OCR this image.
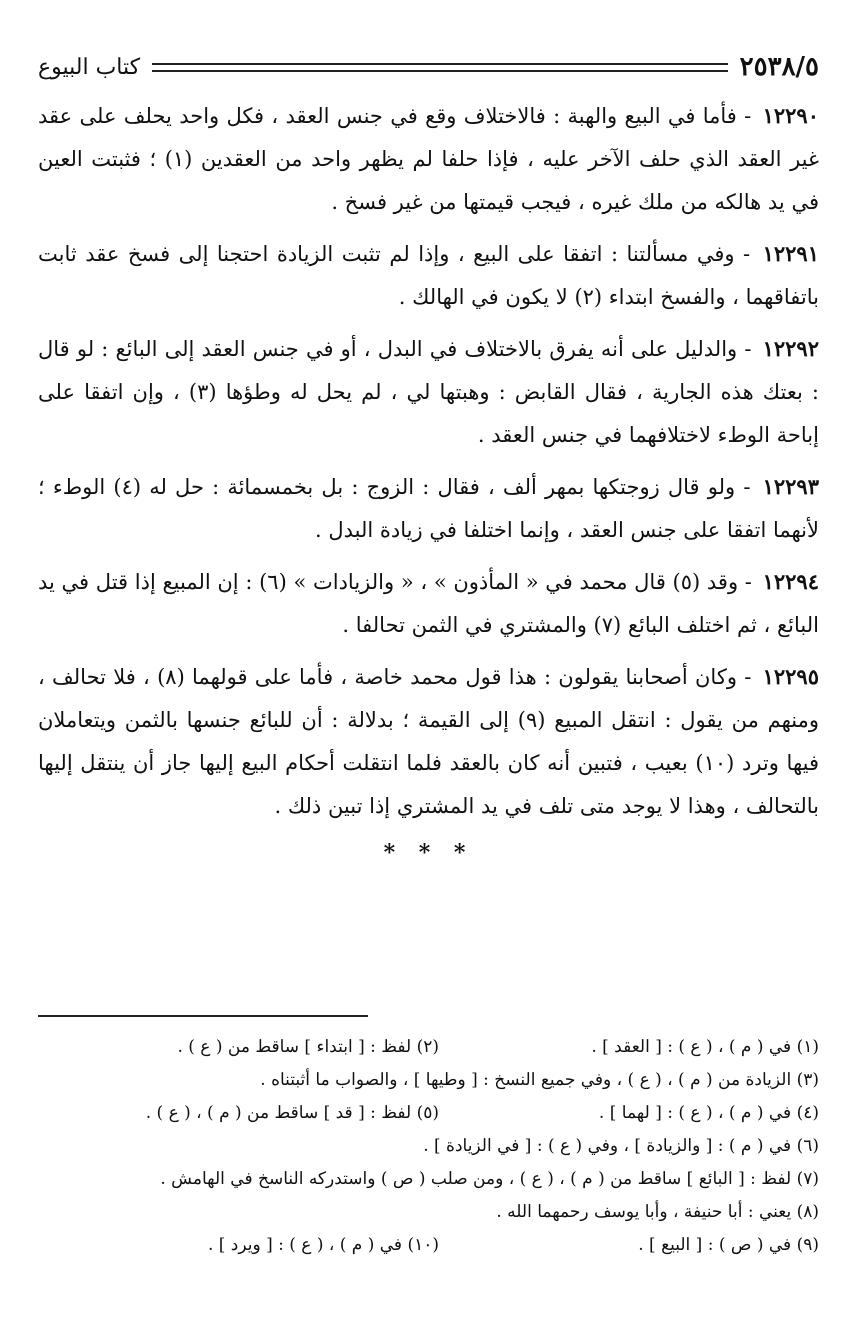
٢٥٣٨/٥
كتاب البيوع

١٢٢٩٠ - فأما في البيع والهبة : فالاختلاف وقع في جنس العقد ، فكل واحد يحلف على عقد غير العقد الذي حلف الآخر عليه ، فإذا حلفا لم يظهر واحد من العقدين (١) ؛ فثبتت العين في يد هالكه من ملك غيره ، فيجب قيمتها من غير فسخ .

١٢٢٩١ - وفي مسألتنا : اتفقا على البيع ، وإذا لم تثبت الزيادة احتجنا إلى فسخ عقد ثابت باتفاقهما ، والفسخ ابتداء (٢) لا يكون في الهالك .

١٢٢٩٢ - والدليل على أنه يفرق بالاختلاف في البدل ، أو في جنس العقد إلى البائع : لو قال : بعتك هذه الجارية ، فقال القابض : وهبتها لي ، لم يحل له وطؤها (٣) ، وإن اتفقا على إباحة الوطء لاختلافهما في جنس العقد .

١٢٢٩٣ - ولو قال زوجتكها بمهر ألف ، فقال : الزوج : بل بخمسمائة : حل له (٤) الوطء ؛ لأنهما اتفقا على جنس العقد ، وإنما اختلفا في زيادة البدل .

١٢٢٩٤ - وقد (٥) قال محمد في « المأذون » ، « والزيادات » (٦) : إن المبيع إذا قتل في يد البائع ، ثم اختلف البائع (٧) والمشتري في الثمن تحالفا .

١٢٢٩٥ - وكان أصحابنا يقولون : هذا قول محمد خاصة ، فأما على قولهما (٨) ، فلا تحالف ، ومنهم من يقول : انتقل المبيع (٩) إلى القيمة ؛ بدلالة : أن للبائع جنسها بالثمن ويتعاملان فيها وترد (١٠) بعيب ، فتبين أنه كان بالعقد فلما انتقلت أحكام البيع إليها جاز أن ينتقل إليها بالتحالف ، وهذا لا يوجد متى تلف في يد المشتري إذا تبين ذلك .

* * *
(١) في ( م ) ، ( ع ) : [ العقد ] .
(٢) لفظ : [ ابتداء ] ساقط من ( ع ) .
(٣) الزيادة من ( م ) ، ( ع ) ، وفي جميع النسخ : [ وطيها ] ، والصواب ما أثبتناه .
(٤) في ( م ) ، ( ع ) : [ لهما ] .
(٥) لفظ : [ قد ] ساقط من ( م ) ، ( ع ) .
(٦) في ( م ) : [ والزيادة ] ، وفي ( ع ) : [ في الزيادة ] .
(٧) لفظ : [ البائع ] ساقط من ( م ) ، ( ع ) ، ومن صلب ( ص ) واستدركه الناسخ في الهامش .
(٨) يعني : أبا حنيفة ، وأبا يوسف رحمهما الله .
(٩) في ( ص ) : [ البيع ] .
(١٠) في ( م ) ، ( ع ) : [ ويرد ] .
